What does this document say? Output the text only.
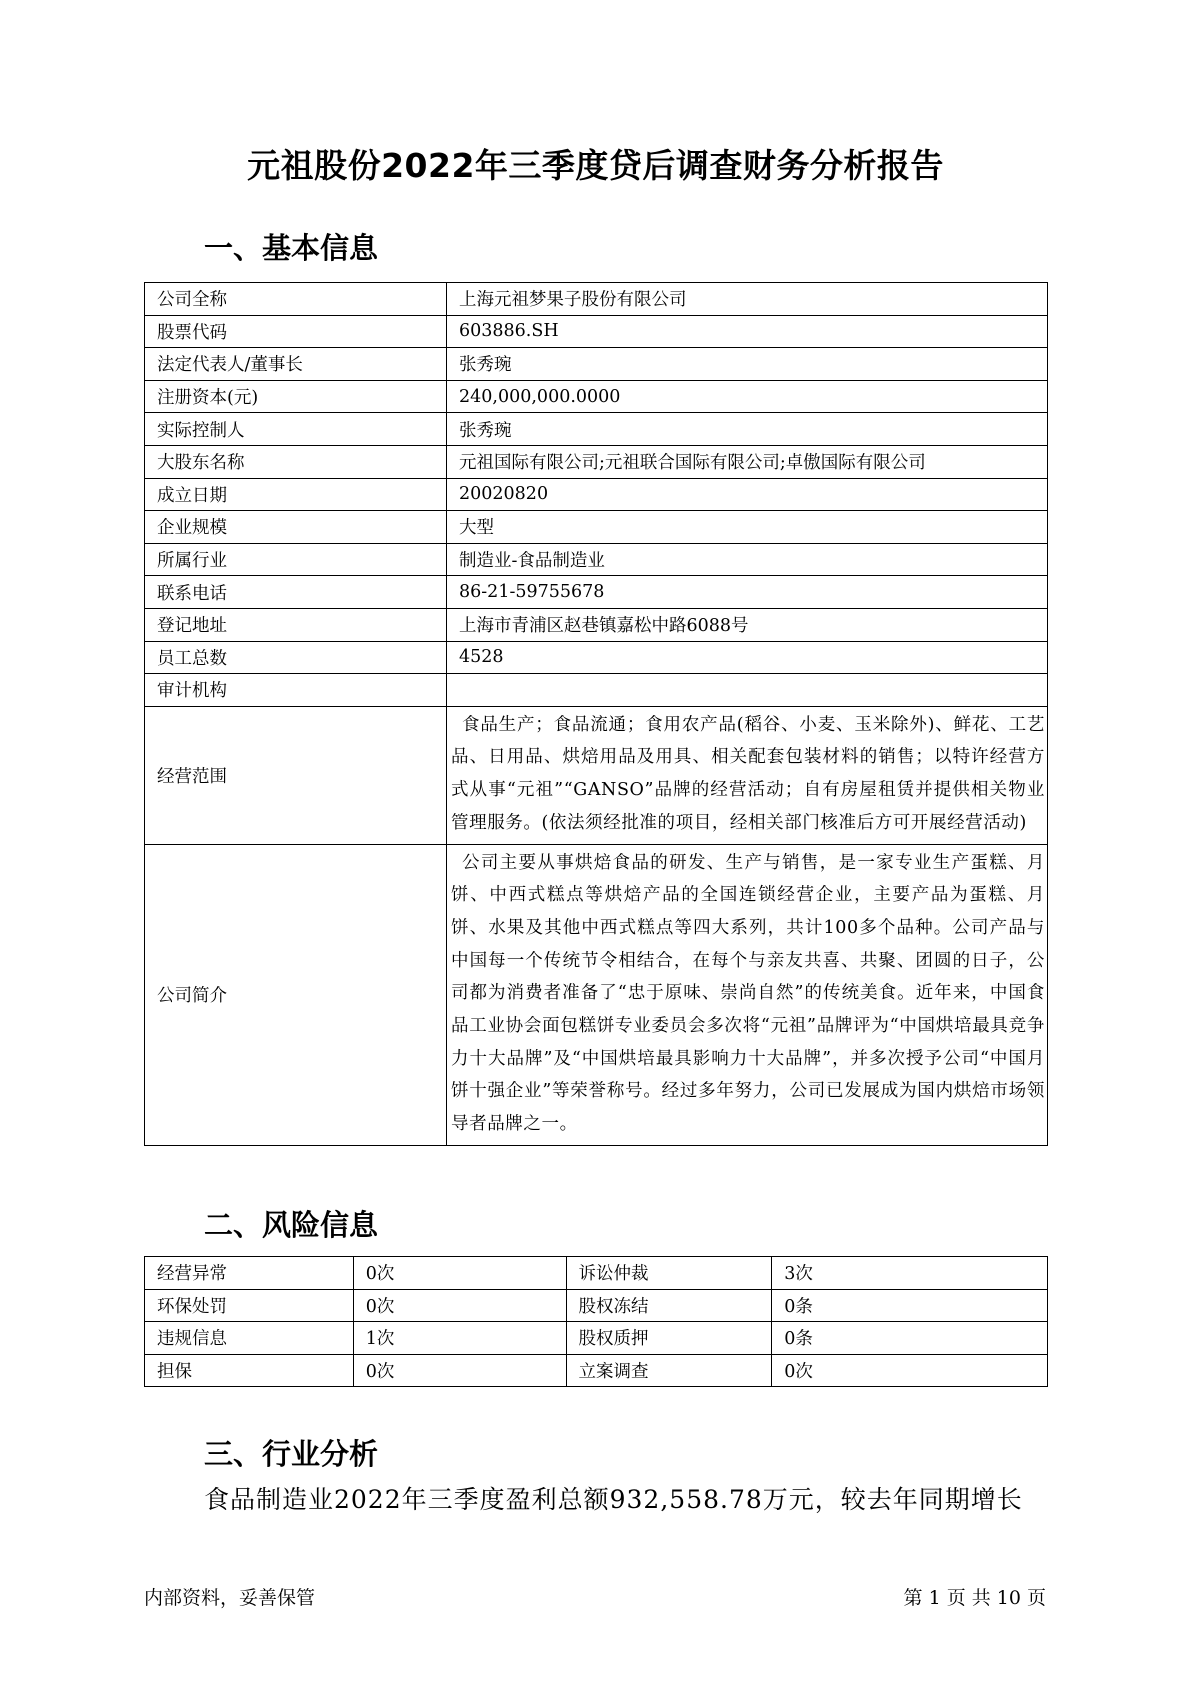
元祖股份2022年三季度贷后调查财务分析报告
一、基本信息
公司全称	上海元祖梦果子股份有限公司
股票代码	603886.SH
法定代表人/董事长	张秀琬
注册资本(元)	240,000,000.0000
实际控制人	张秀琬
大股东名称	元祖国际有限公司;元祖联合国际有限公司;卓傲国际有限公司
成立日期	20020820
企业规模	大型
所属行业	制造业-食品制造业
联系电话	86-21-59755678
登记地址	上海市青浦区赵巷镇嘉松中路6088号
员工总数	4528
审计机构	
经营范围	食品生产；食品流通；食用农产品(稻谷、小麦、玉米除外)、鲜花、工艺品、日用品、烘焙用品及用具、相关配套包装材料的销售；以特许经营方式从事“元祖”“GANSO”品牌的经营活动；自有房屋租赁并提供相关物业管理服务。(依法须经批准的项目，经相关部门核准后方可开展经营活动)
公司简介	公司主要从事烘焙食品的研发、生产与销售，是一家专业生产蛋糕、月饼、中西式糕点等烘焙产品的全国连锁经营企业，主要产品为蛋糕、月饼、水果及其他中西式糕点等四大系列，共计100多个品种。公司产品与中国每一个传统节令相结合，在每个与亲友共喜、共聚、团圆的日子，公司都为消费者准备了“忠于原味、崇尚自然”的传统美食。近年来，中国食品工业协会面包糕饼专业委员会多次将“元祖”品牌评为“中国烘培最具竞争力十大品牌”及“中国烘培最具影响力十大品牌”，并多次授予公司“中国月饼十强企业”等荣誉称号。经过多年努力，公司已发展成为国内烘焙市场领导者品牌之一。
二、风险信息
经营异常	0次	诉讼仲裁	3次
环保处罚	0次	股权冻结	0条
违规信息	1次	股权质押	0条
担保	0次	立案调查	0次
三、行业分析

食品制造业2022年三季度盈利总额932,558.78万元，较去年同期增长

内部资料，妥善保管	第 1 页 共 10 页
